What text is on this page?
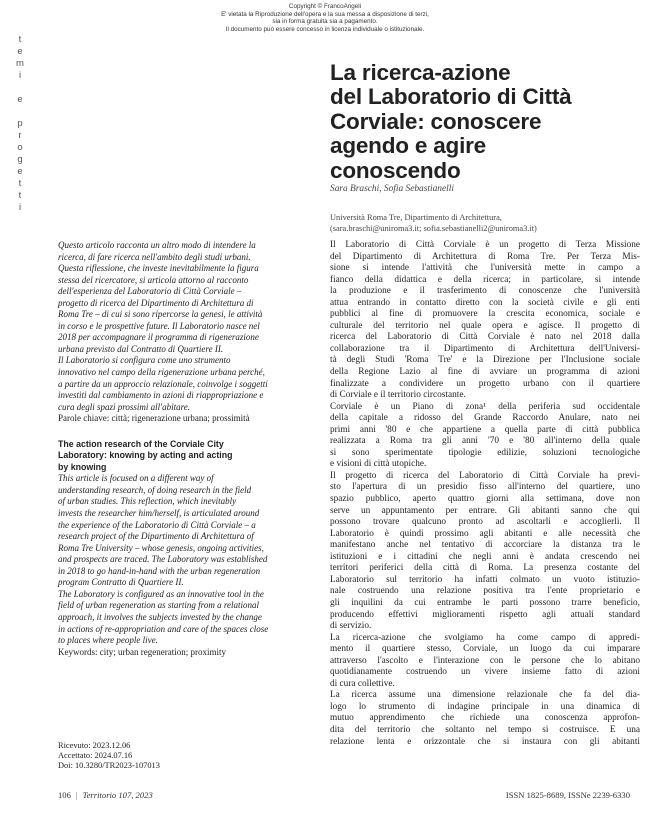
Copyright © FrancoAngeli
E' vietata la Riproduzione dell'opera e la sua messa a disposizione di terzi,
sia in forma gratuita sia a pagamento.
Il documento può essere concesso in licenza individuale o istituzionale.
t
e
m
i
e
p
r
o
g
e
t
t
i
La ricerca-azione
del Laboratorio di Città
Corviale: conoscere
agendo e agire
conoscendo
Sara Braschi, Sofia Sebastianelli
Università Roma Tre, Dipartimento di Architettura,
(sara.braschi@uniroma3.it; sofia.sebastianelli2@uniroma3.it)
Questo articolo racconta un altro modo di intendere la
ricerca, di fare ricerca nell'ambito degli studi urbani.
Questa riflessione, che investe inevitabilmente la figura
stessa del ricercatore, si articola attorno al racconto
dell'esperienza del Laboratorio di Città Corviale –
progetto di ricerca del Dipartimento di Architettura di
Roma Tre – di cui si sono ripercorse la genesi, le attività
in corso e le prospettive future. Il Laboratorio nasce nel
2018 per accompagnare il programma di rigenerazione
urbana previsto dal Contratto di Quartiere II.
Il Laboratorio si configura come uno strumento
innovativo nel campo della rigenerazione urbana perché,
a partire da un approccio relazionale, coinvolge i soggetti
investiti dal cambiamento in azioni di riappropriazione e
cura degli spazi prossimi all'abitare.
Parole chiave: città; rigenerazione urbana; prossimità
The action research of the Corviale City
Laboratory: knowing by acting and acting
by knowing
This article is focused on a different way of
understanding research, of doing research in the field
of urban studies. This reflection, which inevitably
invests the researcher him/herself, is articulated around
the experience of the Laboratorio di Città Corviale – a
research project of the Dipartimento di Architettura of
Roma Tre University – whose genesis, ongoing activities,
and prospects are traced. The Laboratory was established
in 2018 to go hand-in-hand with the urban regeneration
program Contratto di Quartiere II.
The Laboratory is configured as an innovative tool in the
field of urban regeneration as starting from a relational
approach, it involves the subjects invested by the change
in actions of re-appropriation and care of the spaces close
to places where people live.
Keywords: city; urban regeneration; proximity
Ricevuto: 2023.12.06
Accettato: 2024.07.16
Doi: 10.3280/TR2023-107013
Il Laboratorio di Città Corviale è un progetto di Terza Missione
del Dipartimento di Architettura di Roma Tre. Per Terza Mis-
sione si intende l'attività che l'università mette in campo a
fianco della didattica e della ricerca; in particolare, si intende
la produzione e il trasferimento di conoscenze che l'università
attua entrando in contatto diretto con la società civile e gli enti
pubblici al fine di promuovere la crescita economica, sociale e
culturale del territorio nel quale opera e agisce. Il progetto di
ricerca del Laboratorio di Città Corviale è nato nel 2018 dalla
collaborazione tra il Dipartimento di Architettura dell'Universi-
tà degli Studi 'Roma Tre' e la Direzione per l'Inclusione sociale
della Regione Lazio al fine di avviare un programma di azioni
finalizzate a condividere un progetto urbano con il quartiere
di Corviale e il territorio circostante.
Corviale è un Piano di zona¹ della periferia sud occidentale
della capitale a ridosso del Grande Raccordo Anulare, nato nei
primi anni '80 e che appartiene a quella parte di città pubblica
realizzata a Roma tra gli anni '70 e '80 all'interno della quale
si sono sperimentate tipologie edilizie, soluzioni tecnologiche
e visioni di città utopiche.
Il progetto di ricerca del Laboratorio di Città Corviale ha previ-
sto l'apertura di un presidio fisso all'interno del quartiere, uno
spazio pubblico, aperto quattro giorni alla settimana, dove non
serve un appuntamento per entrare. Gli abitanti sanno che qui
possono trovare qualcuno pronto ad ascoltarli e accoglierli. Il
Laboratorio è quindi prossimo agli abitanti e alle necessità che
manifestano anche nel tentativo di accorciare la distanza tra le
istituzioni e i cittadini che negli anni è andata crescendo nei
territori periferici della città di Roma. La presenza costante del
Laboratorio sul territorio ha infatti colmato un vuoto istituzio-
nale costruendo una relazione positiva tra l'ente proprietario e
gli inquilini da cui entrambe le parti possono trarre beneficio,
producendo effettivi miglioramenti rispetto agli attuali standard
di servizio.
La ricerca-azione che svolgiamo ha come campo di appredi-
mento il quartiere stesso, Corviale, un luogo da cui imparare
attraverso l'ascolto e l'interazione con le persone che lo abitano
quotidianamente costruendo un vivere insieme fatto di azioni
di cura collettive.
La ricerca assume una dimensione relazionale che fa del dia-
logo lo strumento di indagine principale in una dinamica di
mutuo apprendimento che richiede una conoscenza approfon-
dita del territorio che soltanto nel tempo si costruisce. È una
relazione lenta e orizzontale che si instaura con gli abitanti
106 | Territorio 107, 2023	ISSN 1825-8689, ISSNe 2239-6330
